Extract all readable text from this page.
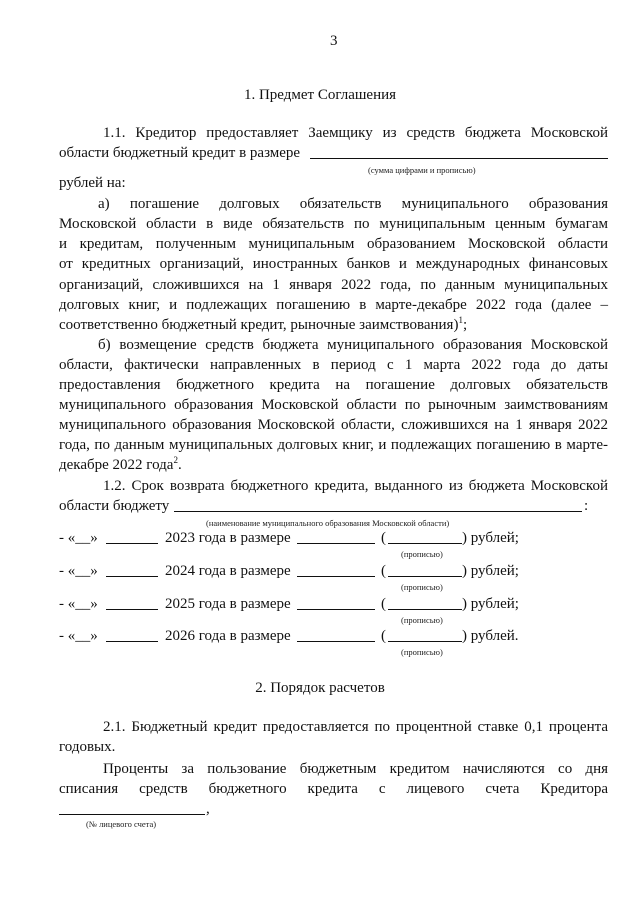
3
1. Предмет Соглашения
1.1. Кредитор предоставляет Заемщику из средств бюджета Московской
области бюджетный кредит в размере
(сумма цифрами и прописью)
рублей на:
а) погашение долговых обязательств муниципального образования
Московской области в виде обязательств по муниципальным ценным бумагам
и кредитам, полученным муниципальным образованием Московской области
от кредитных организаций, иностранных банков и международных финансовых
организаций, сложившихся на 1 января 2022 года, по данным муниципальных
долговых книг, и подлежащих погашению в марте-декабре 2022 года (далее –
соответственно бюджетный кредит, рыночные заимствования)$^1$;
б) возмещение средств бюджета муниципального образования Московской
области, фактически направленных в период с 1 марта 2022 года до даты
предоставления бюджетного кредита на погашение долговых обязательств
муниципального образования Московской области по рыночным заимствованиям
муниципального образования Московской области, сложившихся на 1 января 2022
года, по данным муниципальных долговых книг, и подлежащих погашению в марте-
декабре 2022 года$^2$.
1.2. Срок возврата бюджетного кредита, выданного из бюджета Московской
области бюджету	:
(наименование муниципального образования Московской области)
- «__»	2023 года в размере	(	) рублей;
(прописью)
- «__»	2024 года в размере	(	) рублей;
(прописью)
- «__»	2025 года в размере	(	) рублей;
(прописью)
- «__»	2026 года в размере	(	) рублей.
(прописью)
2. Порядок расчетов
2.1. Бюджетный кредит предоставляется по процентной ставке 0,1 процента
годовых.
Проценты за пользование бюджетным кредитом начисляются со дня
списания средств бюджетного кредита с лицевого счета Кредитора
,
(№ лицевого счета)
